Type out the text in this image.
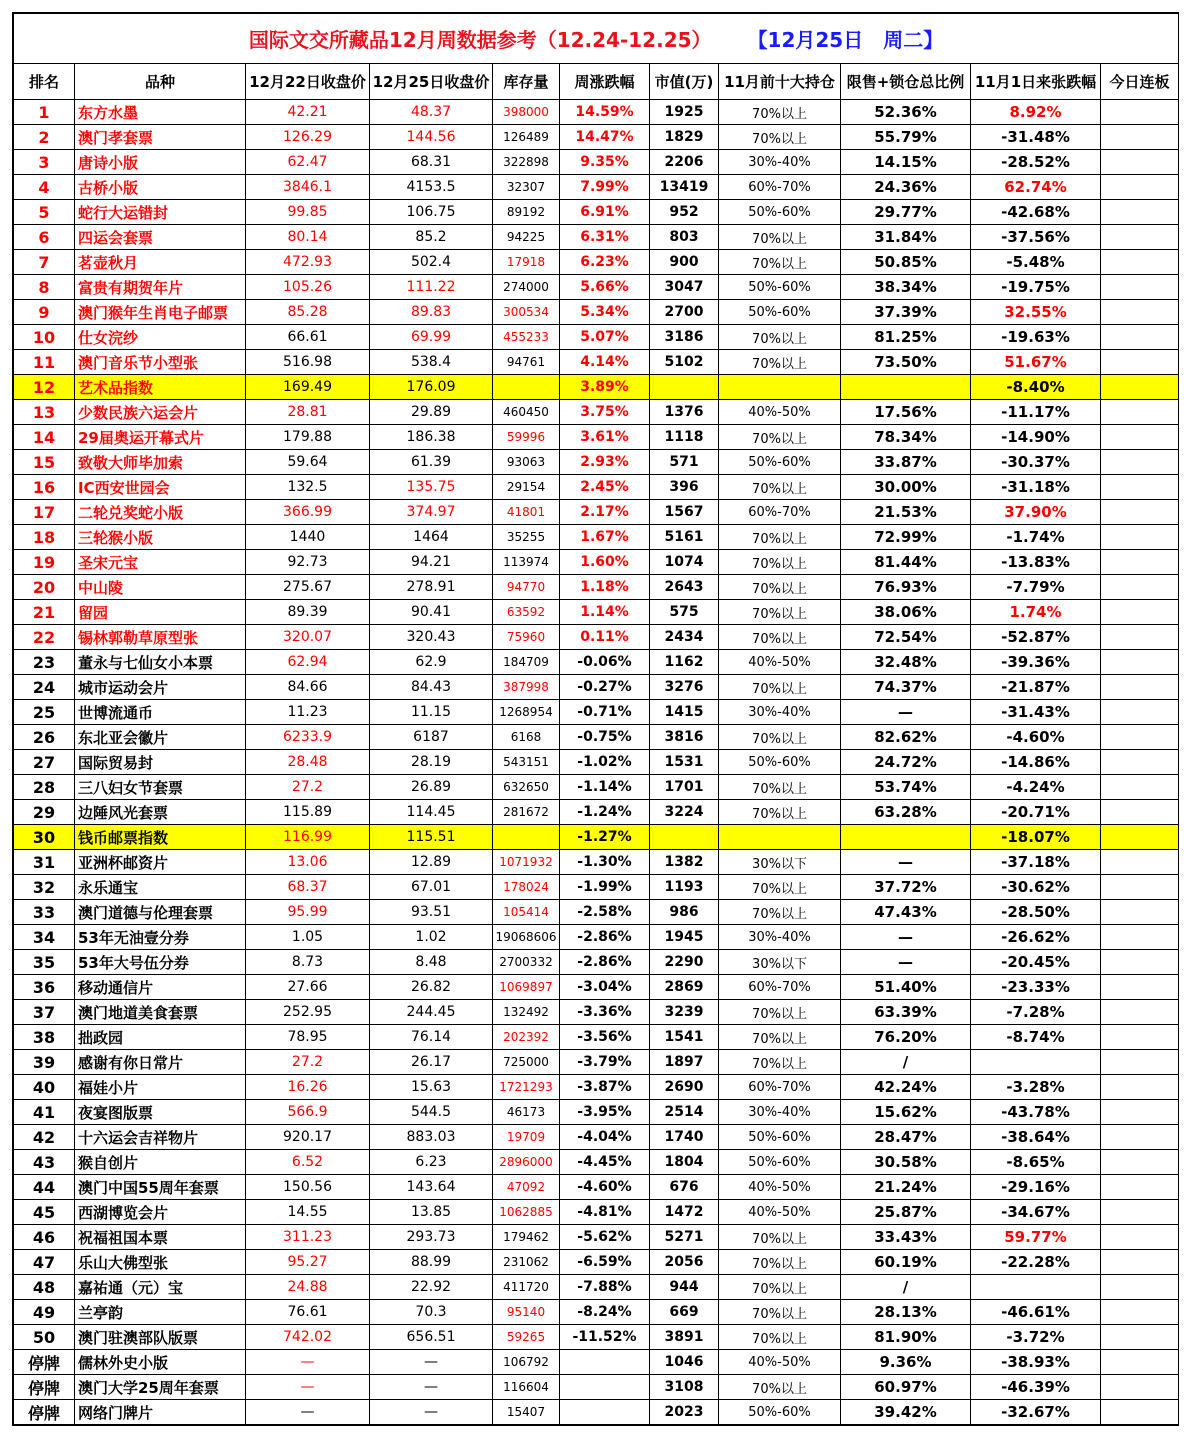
国际文交所藏品12月周数据参考（12.24-12.25） 【12月25日　周二】										
排名	品种	12月22日收盘价	12月25日收盘价	库存量	周涨跌幅	市值(万)	11月前十大持仓	限售+锁仓总比例	11月1日来张跌幅	今日连板
1	东方水墨	42.21	48.37	398000	14.59%	1925	70%以上	52.36%	8.92%	
2	澳门孝套票	126.29	144.56	126489	14.47%	1829	70%以上	55.79%	-31.48%	
3	唐诗小版	62.47	68.31	322898	9.35%	2206	30%-40%	14.15%	-28.52%	
4	古桥小版	3846.1	4153.5	32307	7.99%	13419	60%-70%	24.36%	62.74%	
5	蛇行大运错封	99.85	106.75	89192	6.91%	952	50%-60%	29.77%	-42.68%	
6	四运会套票	80.14	85.2	94225	6.31%	803	70%以上	31.84%	-37.56%	
7	茗壶秋月	472.93	502.4	17918	6.23%	900	70%以上	50.85%	-5.48%	
8	富贵有期贺年片	105.26	111.22	274000	5.66%	3047	50%-60%	38.34%	-19.75%	
9	澳门猴年生肖电子邮票	85.28	89.83	300534	5.34%	2700	50%-60%	37.39%	32.55%	
10	仕女浣纱	66.61	69.99	455233	5.07%	3186	70%以上	81.25%	-19.63%	
11	澳门音乐节小型张	516.98	538.4	94761	4.14%	5102	70%以上	73.50%	51.67%	
12	艺术品指数	169.49	176.09		3.89%				-8.40%	
13	少数民族六运会片	28.81	29.89	460450	3.75%	1376	40%-50%	17.56%	-11.17%	
14	29届奥运开幕式片	179.88	186.38	59996	3.61%	1118	70%以上	78.34%	-14.90%	
15	致敬大师毕加索	59.64	61.39	93063	2.93%	571	50%-60%	33.87%	-30.37%	
16	IC西安世园会	132.5	135.75	29154	2.45%	396	70%以上	30.00%	-31.18%	
17	二轮兑奖蛇小版	366.99	374.97	41801	2.17%	1567	60%-70%	21.53%	37.90%	
18	三轮猴小版	1440	1464	35255	1.67%	5161	70%以上	72.99%	-1.74%	
19	圣宋元宝	92.73	94.21	113974	1.60%	1074	70%以上	81.44%	-13.83%	
20	中山陵	275.67	278.91	94770	1.18%	2643	70%以上	76.93%	-7.79%	
21	留园	89.39	90.41	63592	1.14%	575	70%以上	38.06%	1.74%	
22	锡林郭勒草原型张	320.07	320.43	75960	0.11%	2434	70%以上	72.54%	-52.87%	
23	董永与七仙女小本票	62.94	62.9	184709	-0.06%	1162	40%-50%	32.48%	-39.36%	
24	城市运动会片	84.66	84.43	387998	-0.27%	3276	70%以上	74.37%	-21.87%	
25	世博流通币	11.23	11.15	1268954	-0.71%	1415	30%-40%	—	-31.43%	
26	东北亚会徽片	6233.9	6187	6168	-0.75%	3816	70%以上	82.62%	-4.60%	
27	国际贸易封	28.48	28.19	543151	-1.02%	1531	50%-60%	24.72%	-14.86%	
28	三八妇女节套票	27.2	26.89	632650	-1.14%	1701	70%以上	53.74%	-4.24%	
29	边陲风光套票	115.89	114.45	281672	-1.24%	3224	70%以上	63.28%	-20.71%	
30	钱币邮票指数	116.99	115.51		-1.27%				-18.07%	
31	亚洲杯邮资片	13.06	12.89	1071932	-1.30%	1382	30%以下	—	-37.18%	
32	永乐通宝	68.37	67.01	178024	-1.99%	1193	70%以上	37.72%	-30.62%	
33	澳门道德与伦理套票	95.99	93.51	105414	-2.58%	986	70%以上	47.43%	-28.50%	
34	53年无油壹分券	1.05	1.02	19068606	-2.86%	1945	30%-40%	—	-26.62%	
35	53年大号伍分券	8.73	8.48	2700332	-2.86%	2290	30%以下	—	-20.45%	
36	移动通信片	27.66	26.82	1069897	-3.04%	2869	60%-70%	51.40%	-23.33%	
37	澳门地道美食套票	252.95	244.45	132492	-3.36%	3239	70%以上	63.39%	-7.28%	
38	拙政园	78.95	76.14	202392	-3.56%	1541	70%以上	76.20%	-8.74%	
39	感谢有你日常片	27.2	26.17	725000	-3.79%	1897	70%以上	/		
40	福娃小片	16.26	15.63	1721293	-3.87%	2690	60%-70%	42.24%	-3.28%	
41	夜宴图版票	566.9	544.5	46173	-3.95%	2514	30%-40%	15.62%	-43.78%	
42	十六运会吉祥物片	920.17	883.03	19709	-4.04%	1740	50%-60%	28.47%	-38.64%	
43	猴自创片	6.52	6.23	2896000	-4.45%	1804	50%-60%	30.58%	-8.65%	
44	澳门中国55周年套票	150.56	143.64	47092	-4.60%	676	40%-50%	21.24%	-29.16%	
45	西湖博览会片	14.55	13.85	1062885	-4.81%	1472	40%-50%	25.87%	-34.67%	
46	祝福祖国本票	311.23	293.73	179462	-5.62%	5271	70%以上	33.43%	59.77%	
47	乐山大佛型张	95.27	88.99	231062	-6.59%	2056	70%以上	60.19%	-22.28%	
48	嘉祐通（元）宝	24.88	22.92	411720	-7.88%	944	70%以上	/		
49	兰亭韵	76.61	70.3	95140	-8.24%	669	70%以上	28.13%	-46.61%	
50	澳门驻澳部队版票	742.02	656.51	59265	-11.52%	3891	70%以上	81.90%	-3.72%	
停牌	儒林外史小版	—	—	106792		1046	40%-50%	9.36%	-38.93%	
停牌	澳门大学25周年套票	—	—	116604		3108	70%以上	60.97%	-46.39%	
停牌	网络门牌片	—	—	15407		2023	50%-60%	39.42%	-32.67%	
